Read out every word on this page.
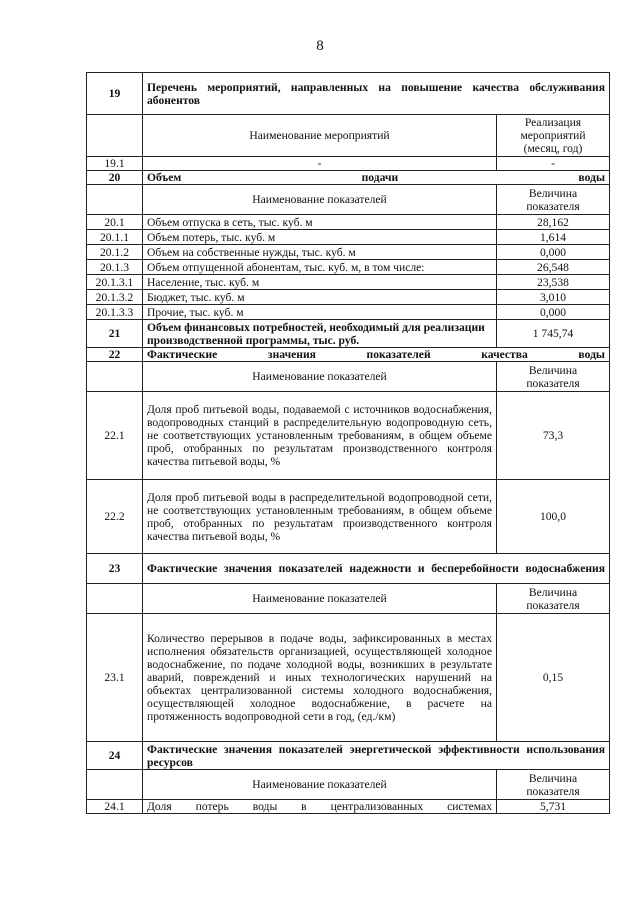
8
19	Перечень мероприятий, направленных на повышение качества обслуживания абонентов	
	Наименование мероприятий	Реализация мероприятий (месяц, год)
19.1	-	-
20	Объем подачи воды	
	Наименование показателей	Величина показателя
20.1	Объем отпуска в сеть, тыс. куб. м	28,162
20.1.1	Объем потерь, тыс. куб. м	1,614
20.1.2	Объем на собственные нужды, тыс. куб. м	0,000
20.1.3	Объем отпущенной абонентам, тыс. куб. м, в том числе:	26,548
20.1.3.1	Население, тыс. куб. м	23,538
20.1.3.2	Бюджет, тыс. куб. м	3,010
20.1.3.3	Прочие, тыс. куб. м	0,000
21	Объем финансовых потребностей, необходимый для реализации производственной программы, тыс. руб.	1 745,74
22	Фактические значения показателей качества воды	
	Наименование показателей	Величина показателя
22.1	Доля проб питьевой воды, подаваемой с источников водоснабжения, водопроводных станций в распределительную водопроводную сеть, не соответствующих установленным требованиям, в общем объеме проб, отобранных по результатам производственного контроля качества питьевой воды, %	73,3
22.2	Доля проб питьевой воды в распределительной водопроводной сети, не соответствующих установленным требованиям, в общем объеме проб, отобранных по результатам производственного контроля качества питьевой воды, %	100,0
23	Фактические значения показателей надежности и бесперебойности водоснабжения	
	Наименование показателей	Величина показателя
23.1	Количество перерывов в подаче воды, зафиксированных в местах исполнения обязательств организацией, осуществляющей холодное водоснабжение, по подаче холодной воды, возникших в результате аварий, повреждений и иных технологических нарушений на объектах централизованной системы холодного водоснабжения, осуществляющей холодное водоснабжение, в расчете на протяженность водопроводной сети в год, (ед./км)	0,15
24	Фактические значения показателей энергетической эффективности использования ресурсов	
	Наименование показателей	Величина показателя
24.1	Доля потерь воды в централизованных системах	5,731
